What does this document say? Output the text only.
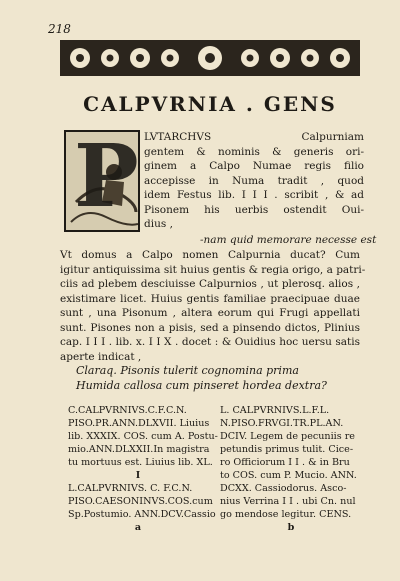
218
CALPVRNIA . GENS
P LVTARCHVS Calpurniam
gentem & nominis & generis ori-
ginem a Calpo Numae regis filio
accepisse in Numa tradit , quod
idem Festus lib. I I I . scribit , & ad
Pisonem his uerbis ostendit Oui-
dius ,
-nam quid memorare necesse est
Vt domus a Calpo nomen Calpurnia ducat? Cum
igitur antiquissima sit huius gentis & regia origo, a patri-
ciis ad plebem desciuisse Calpurnios , ut plerosq. alios ,
existimare licet. Huius gentis familiae praecipuae duae
sunt , una Pisonum , altera eorum qui Frugi appellati
sunt. Pisones non a pisis, sed a pinsendo dictos, Plinius
cap. I I I . lib. x. I I X . docet : & Ouidius hoc uersu satis
aperte indicat ,
Claraq. Pisonis tulerit cognomina prima
Humida callosa cum pinseret hordea dextra?
C.CALPVRNIVS.C.F.C.N.
PISO.PR.ANN.DLXVII. Liuius
lib. XXXIX. COS. cum A. Postu-
mio.ANN.DLXXII.In magistra
tu mortuus est. Liuius lib. XL.
I
L.CALPVRNIVS. C. F.C.N.
PISO.CAESONINVS.COS.cum
Sp.Postumio. ANN.DCV.Cassio
a
L. CALPVRNIVS.L.F.L.
N.PISO.FRVGI.TR.PL.AN.
DCIV. Legem de pecuniis re
petundis primus tulit. Cice-
ro Officiorum I I . & in Bru
to COS. cum P. Mucio. ANN.
DCXX. Cassiodorus. Asco-
nius Verrina I I . ubi Cn. nul
go mendose legitur. CENS.
b
